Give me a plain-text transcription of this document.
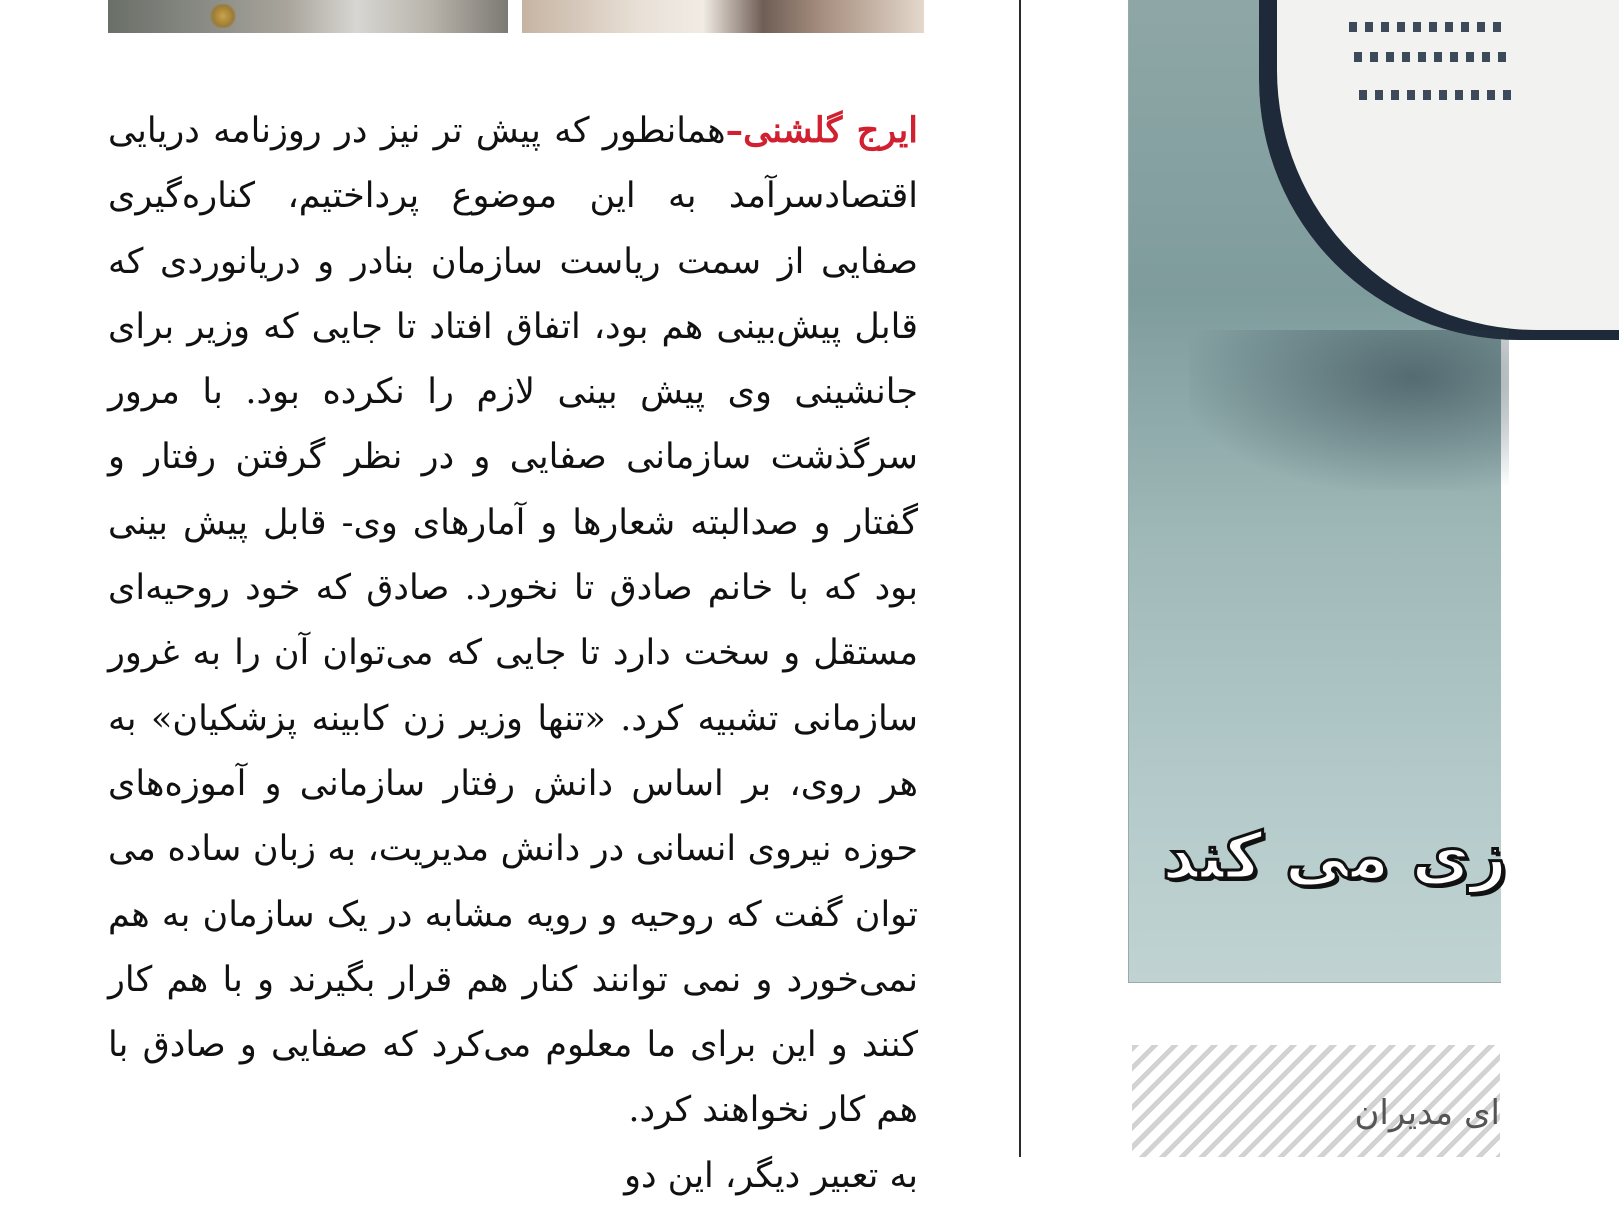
ایرج گلشنی–همانطور که پیش تر نیز در روزنامه دریایی اقتصادسرآمد به این موضوع پرداختیم، کناره‌گیری صفایی از سمت ریاست سازمان بنادر و دریانوردی که قابل پیش‌بینی هم بود، اتفاق افتاد تا جایی که وزیر برای جانشینی وی پیش بینی لازم را نکرده بود. با مرور سرگذشت سازمانی صفایی و در نظر گرفتن رفتار و گفتار و صدالبته شعارها و آمارهای وی- قابل پیش بینی بود که با خانم صادق تا نخورد. صادق که خود روحیه‌ای مستقل و سخت دارد تا جایی که می‌توان آن را به غرور سازمانی تشبیه کرد. «تنها وزیر زن کابینه پزشکیان» به هر روی، بر اساس دانش رفتار سازمانی و آموزه‌های حوزه نیروی انسانی در دانش مدیریت، به زبان ساده می توان گفت که روحیه و رویه مشابه در یک سازمان به هم نمی‌خورد و نمی توانند کنار هم قرار بگیرند و با هم کار کنند و این برای ما معلوم می‌کرد که صفایی و صادق با هم کار نخواهند کرد.
به تعبیر دیگر، این دو
زی می کند
ای مدیران
